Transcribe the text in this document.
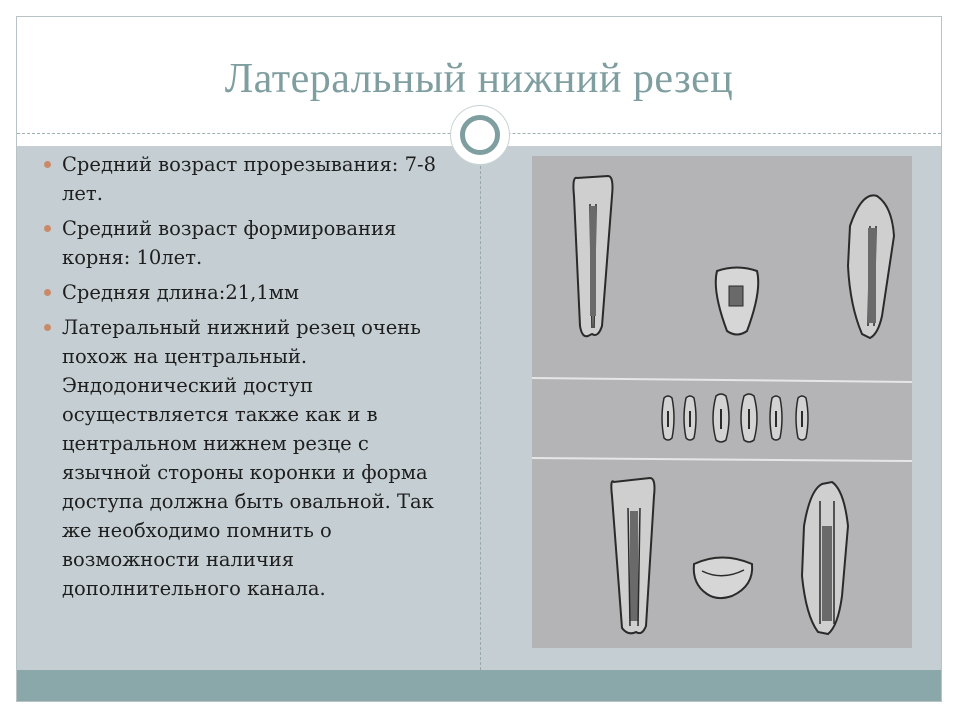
Латеральный нижний резец
Средний возраст прорезывания: 7-8 лет.
Средний возраст формирования корня: 10лет.
Средняя длина:21,1мм
Латеральный нижний резец очень похож на центральный. Эндодонический доступ осуществляется также как и в центральном нижнем резце с язычной стороны коронки и форма доступа должна быть овальной. Так же необходимо помнить о возможности наличия дополнительного канала.
